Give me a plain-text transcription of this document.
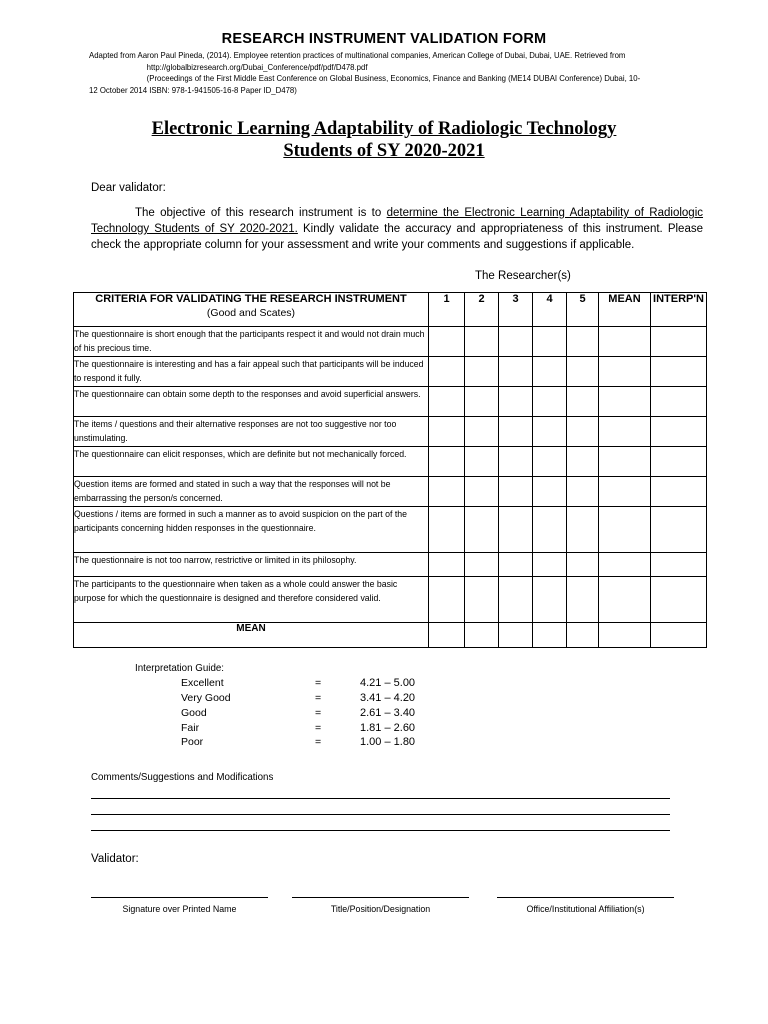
RESEARCH INSTRUMENT VALIDATION FORM
Adapted from Aaron Paul Pineda, (2014). Employee retention practices of multinational companies, American College of Dubai, Dubai, UAE. Retrieved from
http://globalbizresearch.org/Dubai_Conference/pdf/pdf/D478.pdf
(Proceedings of the First Middle East Conference on Global Business, Economics, Finance and Banking (ME14 DUBAI Conference) Dubai, 10-
12 October 2014 ISBN: 978-1-941505-16-8 Paper ID_D478)
Electronic Learning Adaptability of Radiologic Technology
Students of SY 2020-2021
Dear validator:
The objective of this research instrument is to determine the Electronic Learning Adaptability of Radiologic Technology Students of SY 2020-2021. Kindly validate the accuracy and appropriateness of this instrument. Please check the appropriate column for your assessment and write your comments and suggestions if applicable.
The Researcher(s)
CRITERIA FOR VALIDATING THE RESEARCH INSTRUMENT
(Good and Scates)	1	2	3	4	5	MEAN	INTERP'N

The questionnaire is short enough that the participants respect it and would not drain much of his precious time.							

The questionnaire is interesting and has a fair appeal such that participants will be induced to respond it fully.							

The questionnaire can obtain some depth to the responses and avoid superficial answers.							

The items / questions and their alternative responses are not too suggestive nor too unstimulating.							

The questionnaire can elicit responses, which are definite but not mechanically forced.							

Question items are formed and stated in such a way that the responses will not be embarrassing the person/s concerned.							

Questions / items are formed in such a manner as to avoid suspicion on the part of the participants concerning hidden responses in the questionnaire.							

The questionnaire is not too narrow, restrictive or limited in its philosophy.							

The participants to the questionnaire when taken as a whole could answer the basic purpose for which the questionnaire is designed and therefore considered valid.							

MEAN							
Interpretation Guide:
Excellent	=	4.21 – 5.00
Very Good	=	3.41 – 4.20
Good	=	2.61 – 3.40
Fair	=	1.81 – 2.60
Poor	=	1.00 – 1.80
Comments/Suggestions and Modifications
Validator:
Signature over Printed Name	Title/Position/Designation	Office/Institutional Affiliation(s)
